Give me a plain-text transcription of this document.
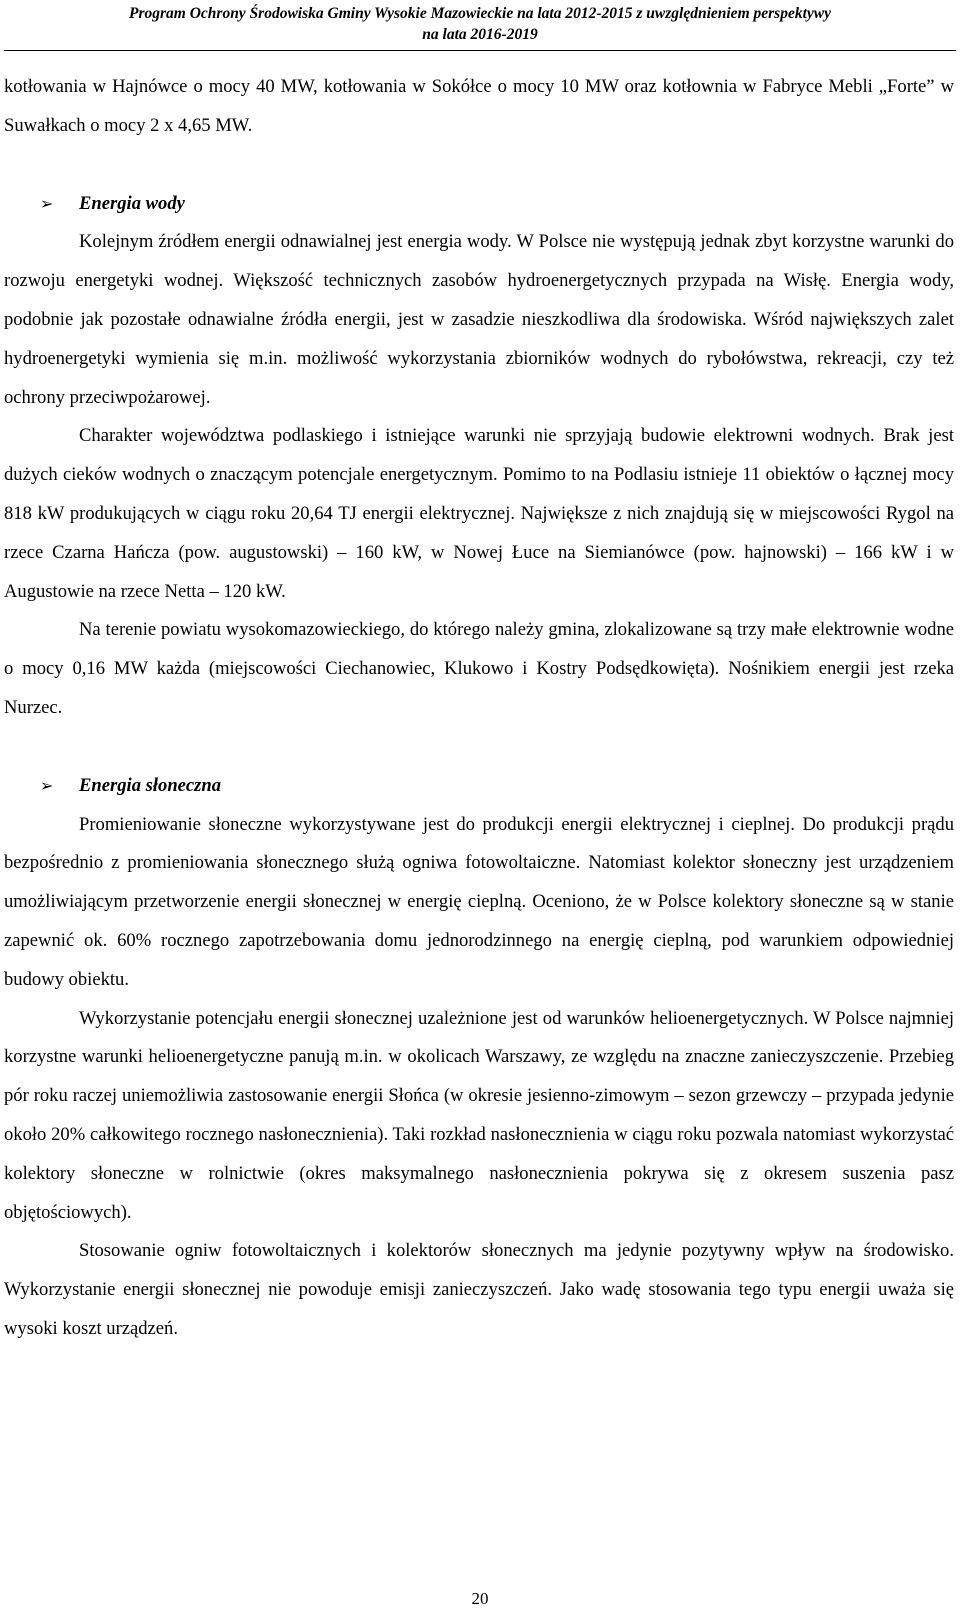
Program Ochrony Środowiska Gminy Wysokie Mazowieckie na lata 2012-2015 z uwzględnieniem perspektywy
na lata 2016-2019

kotłowania w Hajnówce o mocy 40 MW, kotłowania w Sokółce o mocy 10 MW oraz kotłownia w Fabryce Mebli „Forte” w Suwałkach o mocy 2 x 4,65 MW.

➢ Energia wody

Kolejnym źródłem energii odnawialnej jest energia wody. W Polsce nie występują jednak zbyt korzystne warunki do rozwoju energetyki wodnej. Większość technicznych zasobów hydroenergetycznych przypada na Wisłę. Energia wody, podobnie jak pozostałe odnawialne źródła energii, jest w zasadzie nieszkodliwa dla środowiska. Wśród największych zalet hydroenergetyki wymienia się m.in. możliwość wykorzystania zbiorników wodnych do rybołówstwa, rekreacji, czy też ochrony przeciwpożarowej.

Charakter województwa podlaskiego i istniejące warunki nie sprzyjają budowie elektrowni wodnych. Brak jest dużych cieków wodnych o znaczącym potencjale energetycznym. Pomimo to na Podlasiu istnieje 11 obiektów o łącznej mocy 818 kW produkujących w ciągu roku 20,64 TJ energii elektrycznej. Największe z nich znajdują się w miejscowości Rygol na rzece Czarna Hańcza (pow. augustowski) – 160 kW, w Nowej Łuce na Siemianówce (pow. hajnowski) – 166 kW i w Augustowie na rzece Netta – 120 kW.

Na terenie powiatu wysokomazowieckiego, do którego należy gmina, zlokalizowane są trzy małe elektrownie wodne o mocy 0,16 MW każda (miejscowości Ciechanowiec, Klukowo i Kostry Podsędkowięta). Nośnikiem energii jest rzeka Nurzec.

➢ Energia słoneczna

Promieniowanie słoneczne wykorzystywane jest do produkcji energii elektrycznej i cieplnej. Do produkcji prądu bezpośrednio z promieniowania słonecznego służą ogniwa fotowoltaiczne. Natomiast kolektor słoneczny jest urządzeniem umożliwiającym przetworzenie energii słonecznej w energię cieplną. Oceniono, że w Polsce kolektory słoneczne są w stanie zapewnić ok. 60% rocznego zapotrzebowania domu jednorodzinnego na energię cieplną, pod warunkiem odpowiedniej budowy obiektu.

Wykorzystanie potencjału energii słonecznej uzależnione jest od warunków helioenergetycznych. W Polsce najmniej korzystne warunki helioenergetyczne panują m.in. w okolicach Warszawy, ze względu na znaczne zanieczyszczenie. Przebieg pór roku raczej uniemożliwia zastosowanie energii Słońca (w okresie jesienno-zimowym – sezon grzewczy – przypada jedynie około 20% całkowitego rocznego nasłonecznienia). Taki rozkład nasłonecznienia w ciągu roku pozwala natomiast wykorzystać kolektory słoneczne w rolnictwie (okres maksymalnego nasłonecznienia pokrywa się z okresem suszenia pasz objętościowych).

Stosowanie ogniw fotowoltaicznych i kolektorów słonecznych ma jedynie pozytywny wpływ na środowisko. Wykorzystanie energii słonecznej nie powoduje emisji zanieczyszczeń. Jako wadę stosowania tego typu energii uważa się wysoki koszt urządzeń.

20
